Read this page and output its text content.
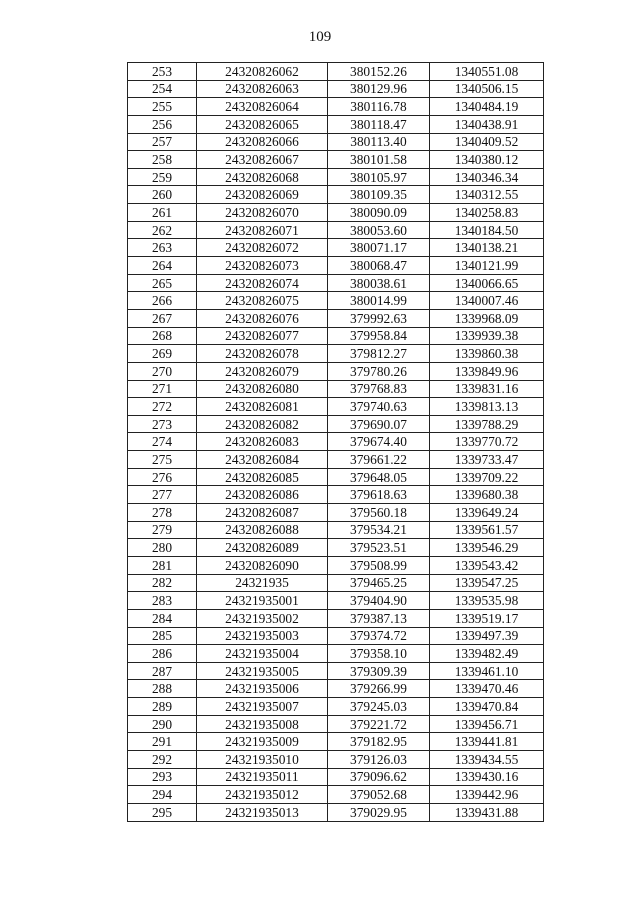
109
253	24320826062	380152.26	1340551.08
254	24320826063	380129.96	1340506.15
255	24320826064	380116.78	1340484.19
256	24320826065	380118.47	1340438.91
257	24320826066	380113.40	1340409.52
258	24320826067	380101.58	1340380.12
259	24320826068	380105.97	1340346.34
260	24320826069	380109.35	1340312.55
261	24320826070	380090.09	1340258.83
262	24320826071	380053.60	1340184.50
263	24320826072	380071.17	1340138.21
264	24320826073	380068.47	1340121.99
265	24320826074	380038.61	1340066.65
266	24320826075	380014.99	1340007.46
267	24320826076	379992.63	1339968.09
268	24320826077	379958.84	1339939.38
269	24320826078	379812.27	1339860.38
270	24320826079	379780.26	1339849.96
271	24320826080	379768.83	1339831.16
272	24320826081	379740.63	1339813.13
273	24320826082	379690.07	1339788.29
274	24320826083	379674.40	1339770.72
275	24320826084	379661.22	1339733.47
276	24320826085	379648.05	1339709.22
277	24320826086	379618.63	1339680.38
278	24320826087	379560.18	1339649.24
279	24320826088	379534.21	1339561.57
280	24320826089	379523.51	1339546.29
281	24320826090	379508.99	1339543.42
282	24321935	379465.25	1339547.25
283	24321935001	379404.90	1339535.98
284	24321935002	379387.13	1339519.17
285	24321935003	379374.72	1339497.39
286	24321935004	379358.10	1339482.49
287	24321935005	379309.39	1339461.10
288	24321935006	379266.99	1339470.46
289	24321935007	379245.03	1339470.84
290	24321935008	379221.72	1339456.71
291	24321935009	379182.95	1339441.81
292	24321935010	379126.03	1339434.55
293	24321935011	379096.62	1339430.16
294	24321935012	379052.68	1339442.96
295	24321935013	379029.95	1339431.88
